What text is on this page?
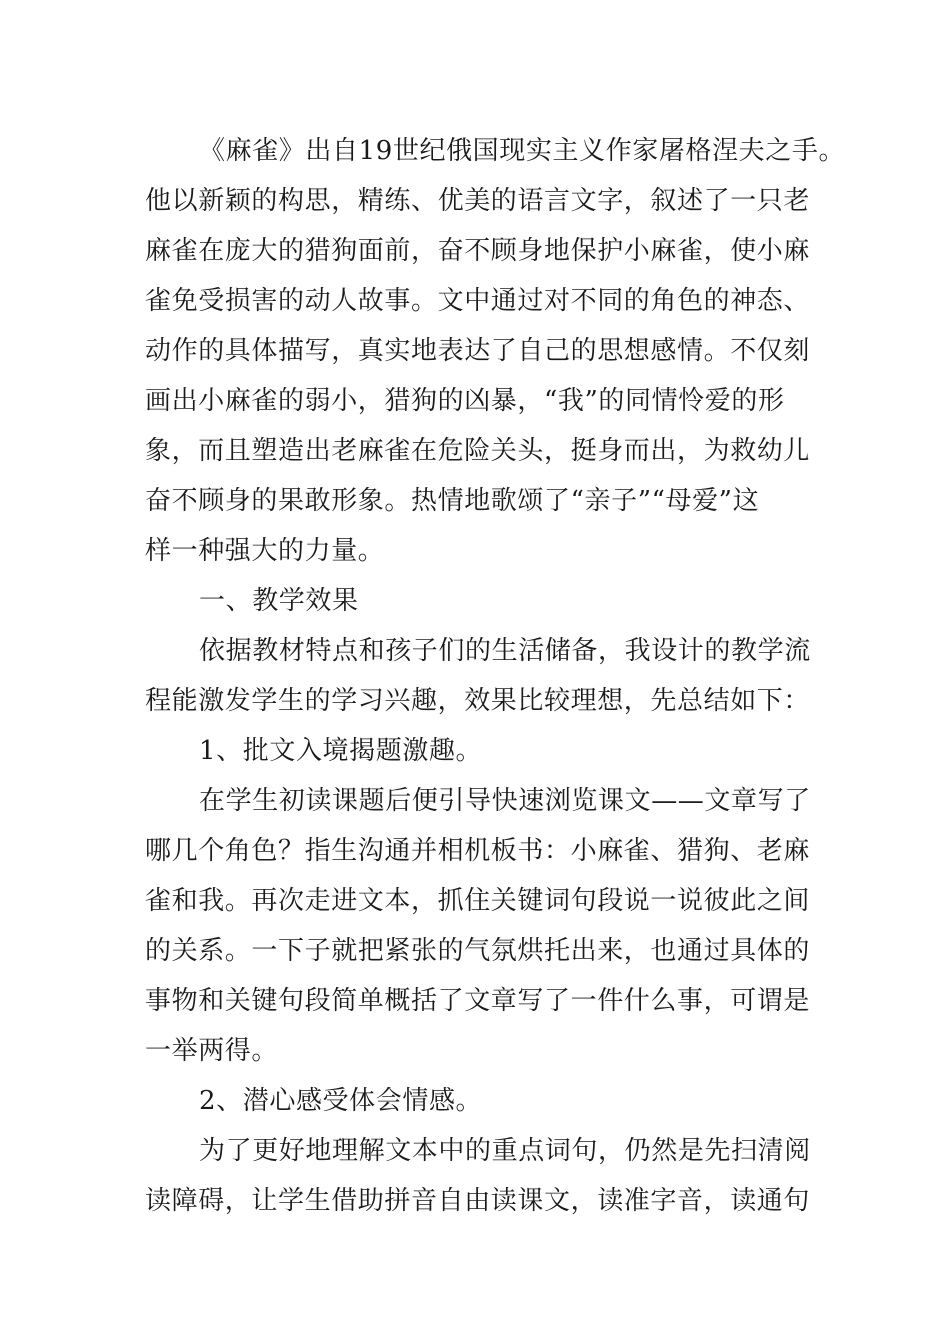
《麻雀》出自19世纪俄国现实主义作家屠格涅夫之手。
他以新颖的构思，精练、优美的语言文字，叙述了一只老
麻雀在庞大的猎狗面前，奋不顾身地保护小麻雀，使小麻
雀免受损害的动人故事。文中通过对不同的角色的神态、
动作的具体描写，真实地表达了自己的思想感情。不仅刻
画出小麻雀的弱小，猎狗的凶暴，“我”的同情怜爱的形
象，而且塑造出老麻雀在危险关头，挺身而出，为救幼儿
奋不顾身的果敢形象。热情地歌颂了“亲子”“母爱”这
样一种强大的力量。
一、教学效果
依据教材特点和孩子们的生活储备，我设计的教学流
程能激发学生的学习兴趣，效果比较理想，先总结如下：
1、批文入境揭题激趣。
在学生初读课题后便引导快速浏览课文——文章写了
哪几个角色？指生沟通并相机板书：小麻雀、猎狗、老麻
雀和我。再次走进文本，抓住关键词句段说一说彼此之间
的关系。一下子就把紧张的气氛烘托出来，也通过具体的
事物和关键句段简单概括了文章写了一件什么事，可谓是
一举两得。
2、潜心感受体会情感。
为了更好地理解文本中的重点词句，仍然是先扫清阅
读障碍，让学生借助拼音自由读课文，读准字音，读通句
